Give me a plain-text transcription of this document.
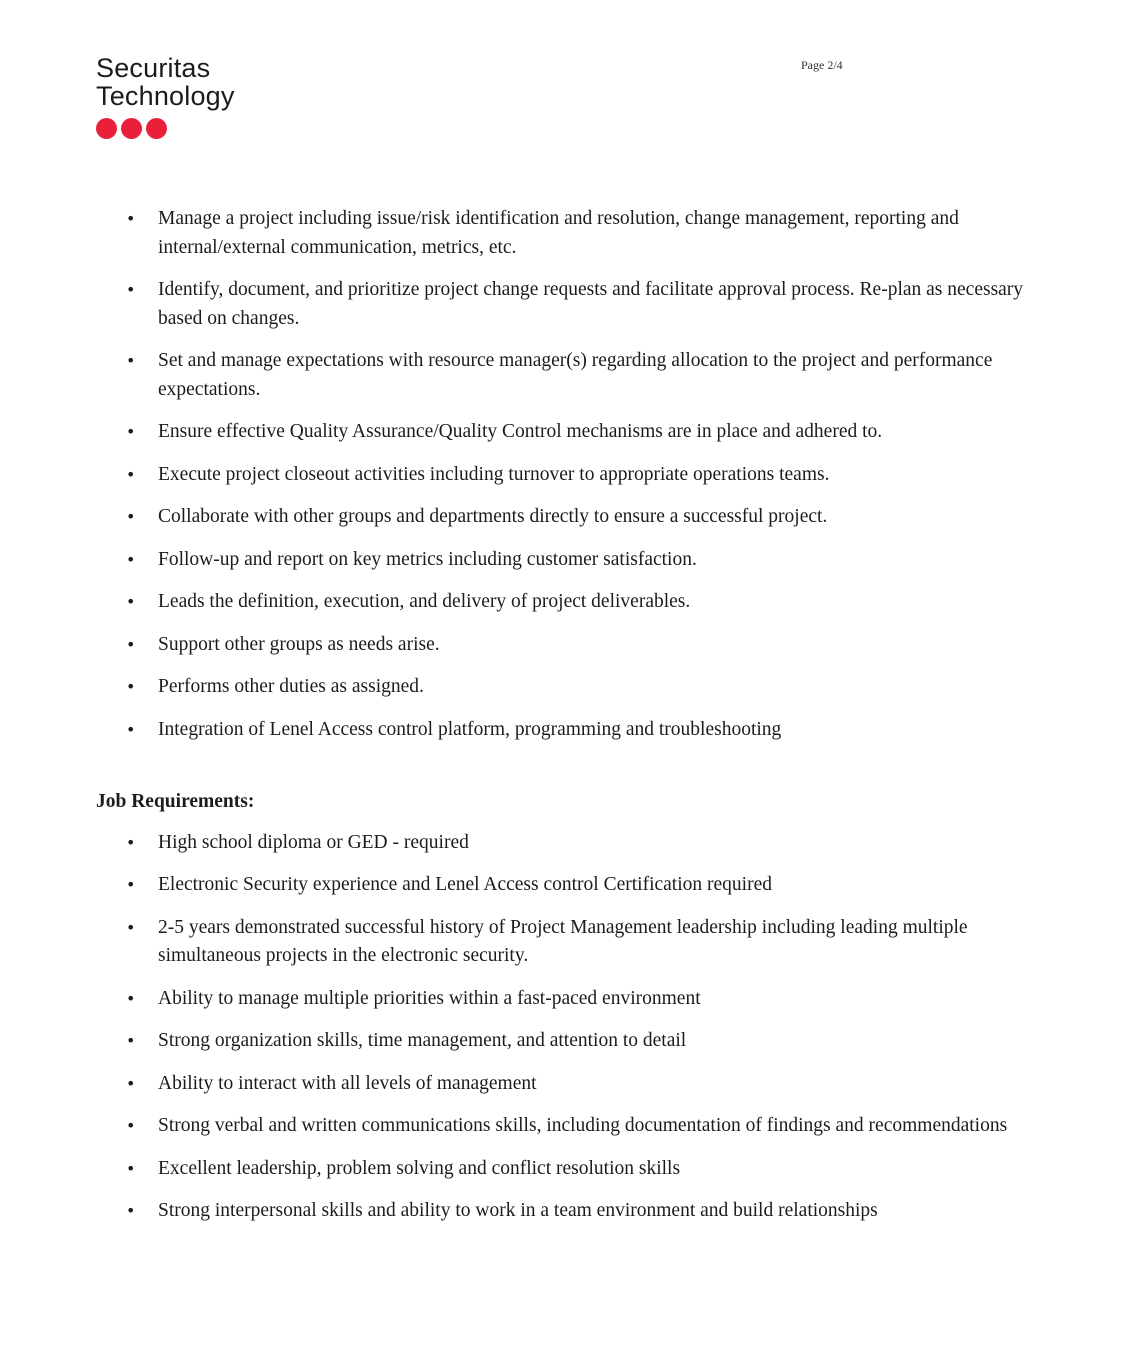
Securitas
Technology
Page 2/4
• Manage a project including issue/risk identification and resolution, change management, reporting and internal/external communication, metrics, etc.
• Identify, document, and prioritize project change requests and facilitate approval process. Re-plan as necessary based on changes.
• Set and manage expectations with resource manager(s) regarding allocation to the project and performance expectations.
• Ensure effective Quality Assurance/Quality Control mechanisms are in place and adhered to.
• Execute project closeout activities including turnover to appropriate operations teams.
• Collaborate with other groups and departments directly to ensure a successful project.
• Follow-up and report on key metrics including customer satisfaction.
• Leads the definition, execution, and delivery of project deliverables.
• Support other groups as needs arise.
• Performs other duties as assigned.
• Integration of Lenel Access control platform, programming and troubleshooting
Job Requirements:
• High school diploma or GED - required
• Electronic Security experience and Lenel Access control Certification required
• 2-5 years demonstrated successful history of Project Management leadership including leading multiple simultaneous projects in the electronic security.
• Ability to manage multiple priorities within a fast-paced environment
• Strong organization skills, time management, and attention to detail
• Ability to interact with all levels of management
• Strong verbal and written communications skills, including documentation of findings and recommendations
• Excellent leadership, problem solving and conflict resolution skills
• Strong interpersonal skills and ability to work in a team environment and build relationships
